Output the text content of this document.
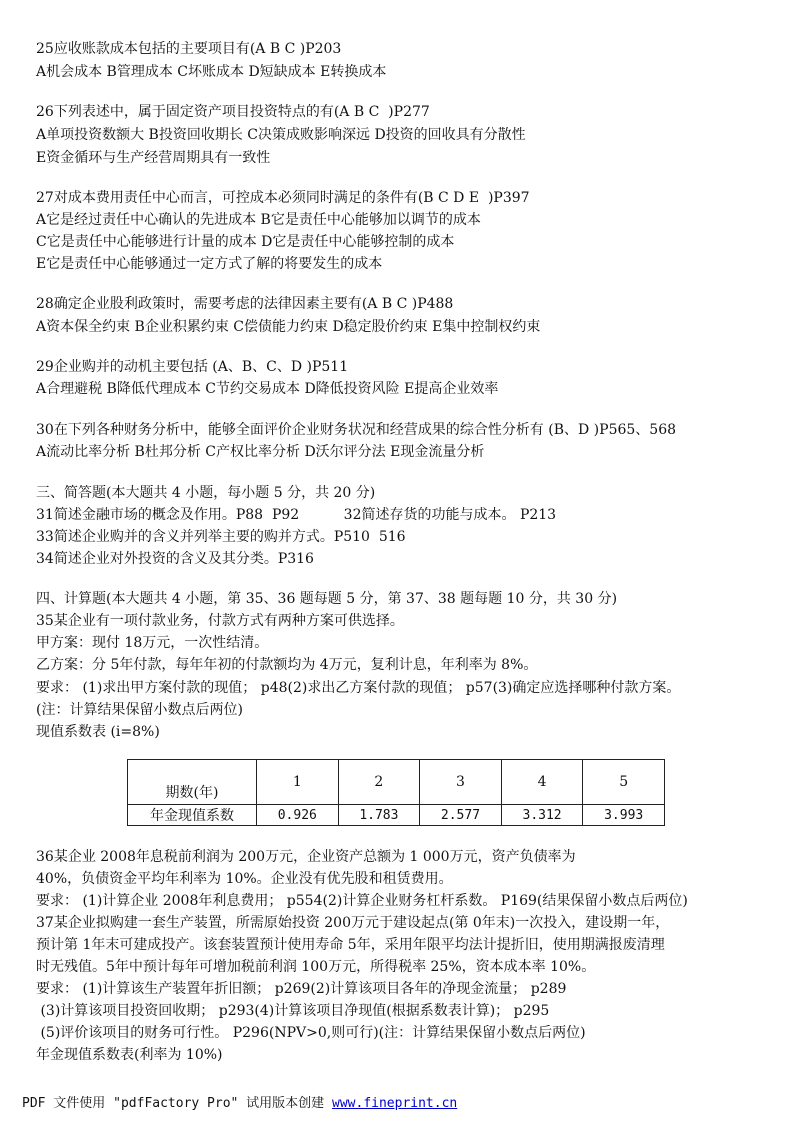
25应收账款成本包括的主要项目有(A B C )P203
A机会成本 B管理成本 C坏账成本 D短缺成本 E转换成本
26下列表述中，属于固定资产项目投资特点的有(A B C  )P277
A单项投资数额大 B投资回收期长 C决策成败影响深远 D投资的回收具有分散性
E资金循环与生产经营周期具有一致性
27对成本费用责任中心而言，可控成本必须同时满足的条件有(B C D E  )P397
A它是经过责任中心确认的先进成本 B它是责任中心能够加以调节的成本
C它是责任中心能够进行计量的成本 D它是责任中心能够控制的成本
E它是责任中心能够通过一定方式了解的将要发生的成本
28确定企业股利政策时，需要考虑的法律因素主要有(A B C )P488
A资本保全约束 B企业积累约束 C偿债能力约束 D稳定股价约束 E集中控制权约束
29企业购并的动机主要包括 (A、B、C、D )P511
A合理避税 B降低代理成本 C节约交易成本 D降低投资风险 E提高企业效率
30在下列各种财务分析中，能够全面评价企业财务状况和经营成果的综合性分析有 (B、D )P565、568
A流动比率分析 B杜邦分析 C产权比率分析 D沃尔评分法 E现金流量分析
三、简答题(本大题共 4 小题，每小题 5 分，共 20 分)
31简述金融市场的概念及作用。P88  P92          32简述存货的功能与成本。 P213
33简述企业购并的含义并列举主要的购并方式。P510  516
34简述企业对外投资的含义及其分类。P316
四、计算题(本大题共 4 小题，第 35、36 题每题 5 分，第 37、38 题每题 10 分，共 30 分)
35某企业有一项付款业务，付款方式有两种方案可供选择。
甲方案：现付 18万元，一次性结清。
乙方案：分 5年付款，每年年初的付款额均为 4万元，复利计息，年利率为 8%。
要求： (1)求出甲方案付款的现值； p48(2)求出乙方案付款的现值； p57(3)确定应选择哪种付款方案。
(注：计算结果保留小数点后两位)
现值系数表 (i=8%)
期数(年)	1	2	3	4	5
年金现值系数	0.926	1.783	2.577	3.312	3.993
36某企业 2008年息税前利润为 200万元，企业资产总额为 1 000万元，资产负债率为
40%，负债资金平均年利率为 10%。企业没有优先股和租赁费用。
要求： (1)计算企业 2008年利息费用； p554(2)计算企业财务杠杆系数。 P169(结果保留小数点后两位)
37某企业拟购建一套生产装置，所需原始投资 200万元于建设起点(第 0年末)一次投入，建设期一年，
预计第 1年末可建成投产。该套装置预计使用寿命 5年，采用年限平均法计提折旧，使用期满报废清理
时无残值。5年中预计每年可增加税前利润 100万元，所得税率 25%，资本成本率 10%。
要求： (1)计算该生产装置年折旧额； p269(2)计算该项目各年的净现金流量； p289
(3)计算该项目投资回收期； p293(4)计算该项目净现值(根据系数表计算)； p295
(5)评价该项目的财务可行性。 P296(NPV>0,则可行)(注：计算结果保留小数点后两位)
年金现值系数表(利率为 10%)
PDF 文件使用 "pdfFactory Pro" 试用版本创建 www.fineprint.cn
